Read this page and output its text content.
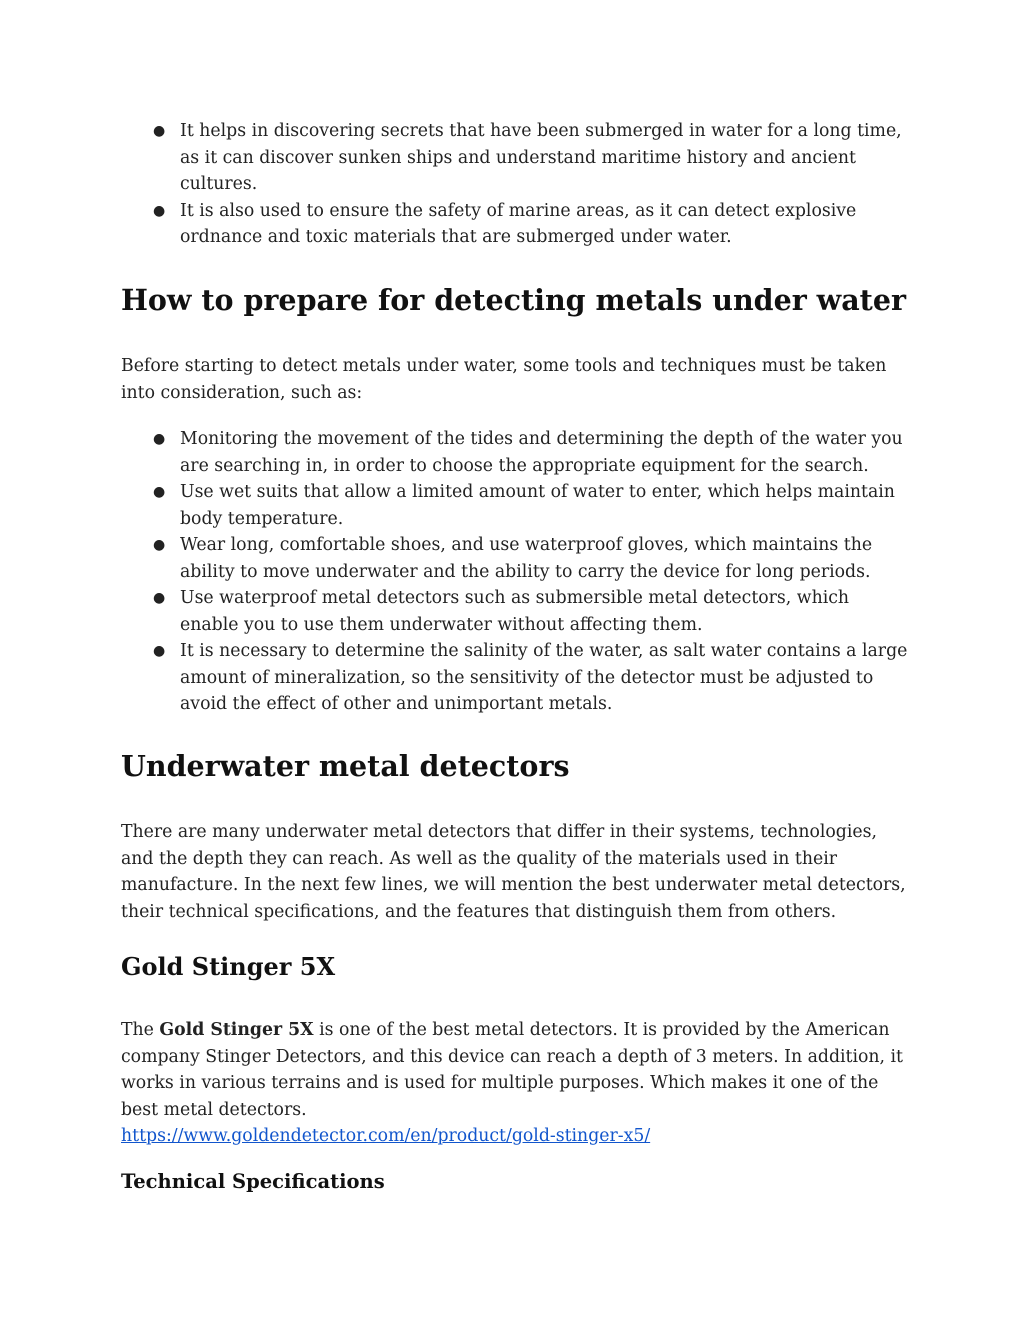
● It helps in discovering secrets that have been submerged in water for a long time, as it can discover sunken ships and understand maritime history and ancient cultures.
● It is also used to ensure the safety of marine areas, as it can detect explosive ordnance and toxic materials that are submerged under water.
How to prepare for detecting metals under water

Before starting to detect metals under water, some tools and techniques must be taken into consideration, such as:

● Monitoring the movement of the tides and determining the depth of the water you are searching in, in order to choose the appropriate equipment for the search.
● Use wet suits that allow a limited amount of water to enter, which helps maintain body temperature.
● Wear long, comfortable shoes, and use waterproof gloves, which maintains the ability to move underwater and the ability to carry the device for long periods.
● Use waterproof metal detectors such as submersible metal detectors, which enable you to use them underwater without affecting them.
● It is necessary to determine the salinity of the water, as salt water contains a large amount of mineralization, so the sensitivity of the detector must be adjusted to avoid the effect of other and unimportant metals.
Underwater metal detectors

There are many underwater metal detectors that differ in their systems, technologies, and the depth they can reach. As well as the quality of the materials used in their manufacture. In the next few lines, we will mention the best underwater metal detectors, their technical specifications, and the features that distinguish them from others.

Gold Stinger 5X

The Gold Stinger 5X is one of the best metal detectors. It is provided by the American company Stinger Detectors, and this device can reach a depth of 3 meters. In addition, it works in various terrains and is used for multiple purposes. Which makes it one of the best metal detectors.

https://www.goldendetector.com/en/product/gold-stinger-x5/
Technical Specifications
